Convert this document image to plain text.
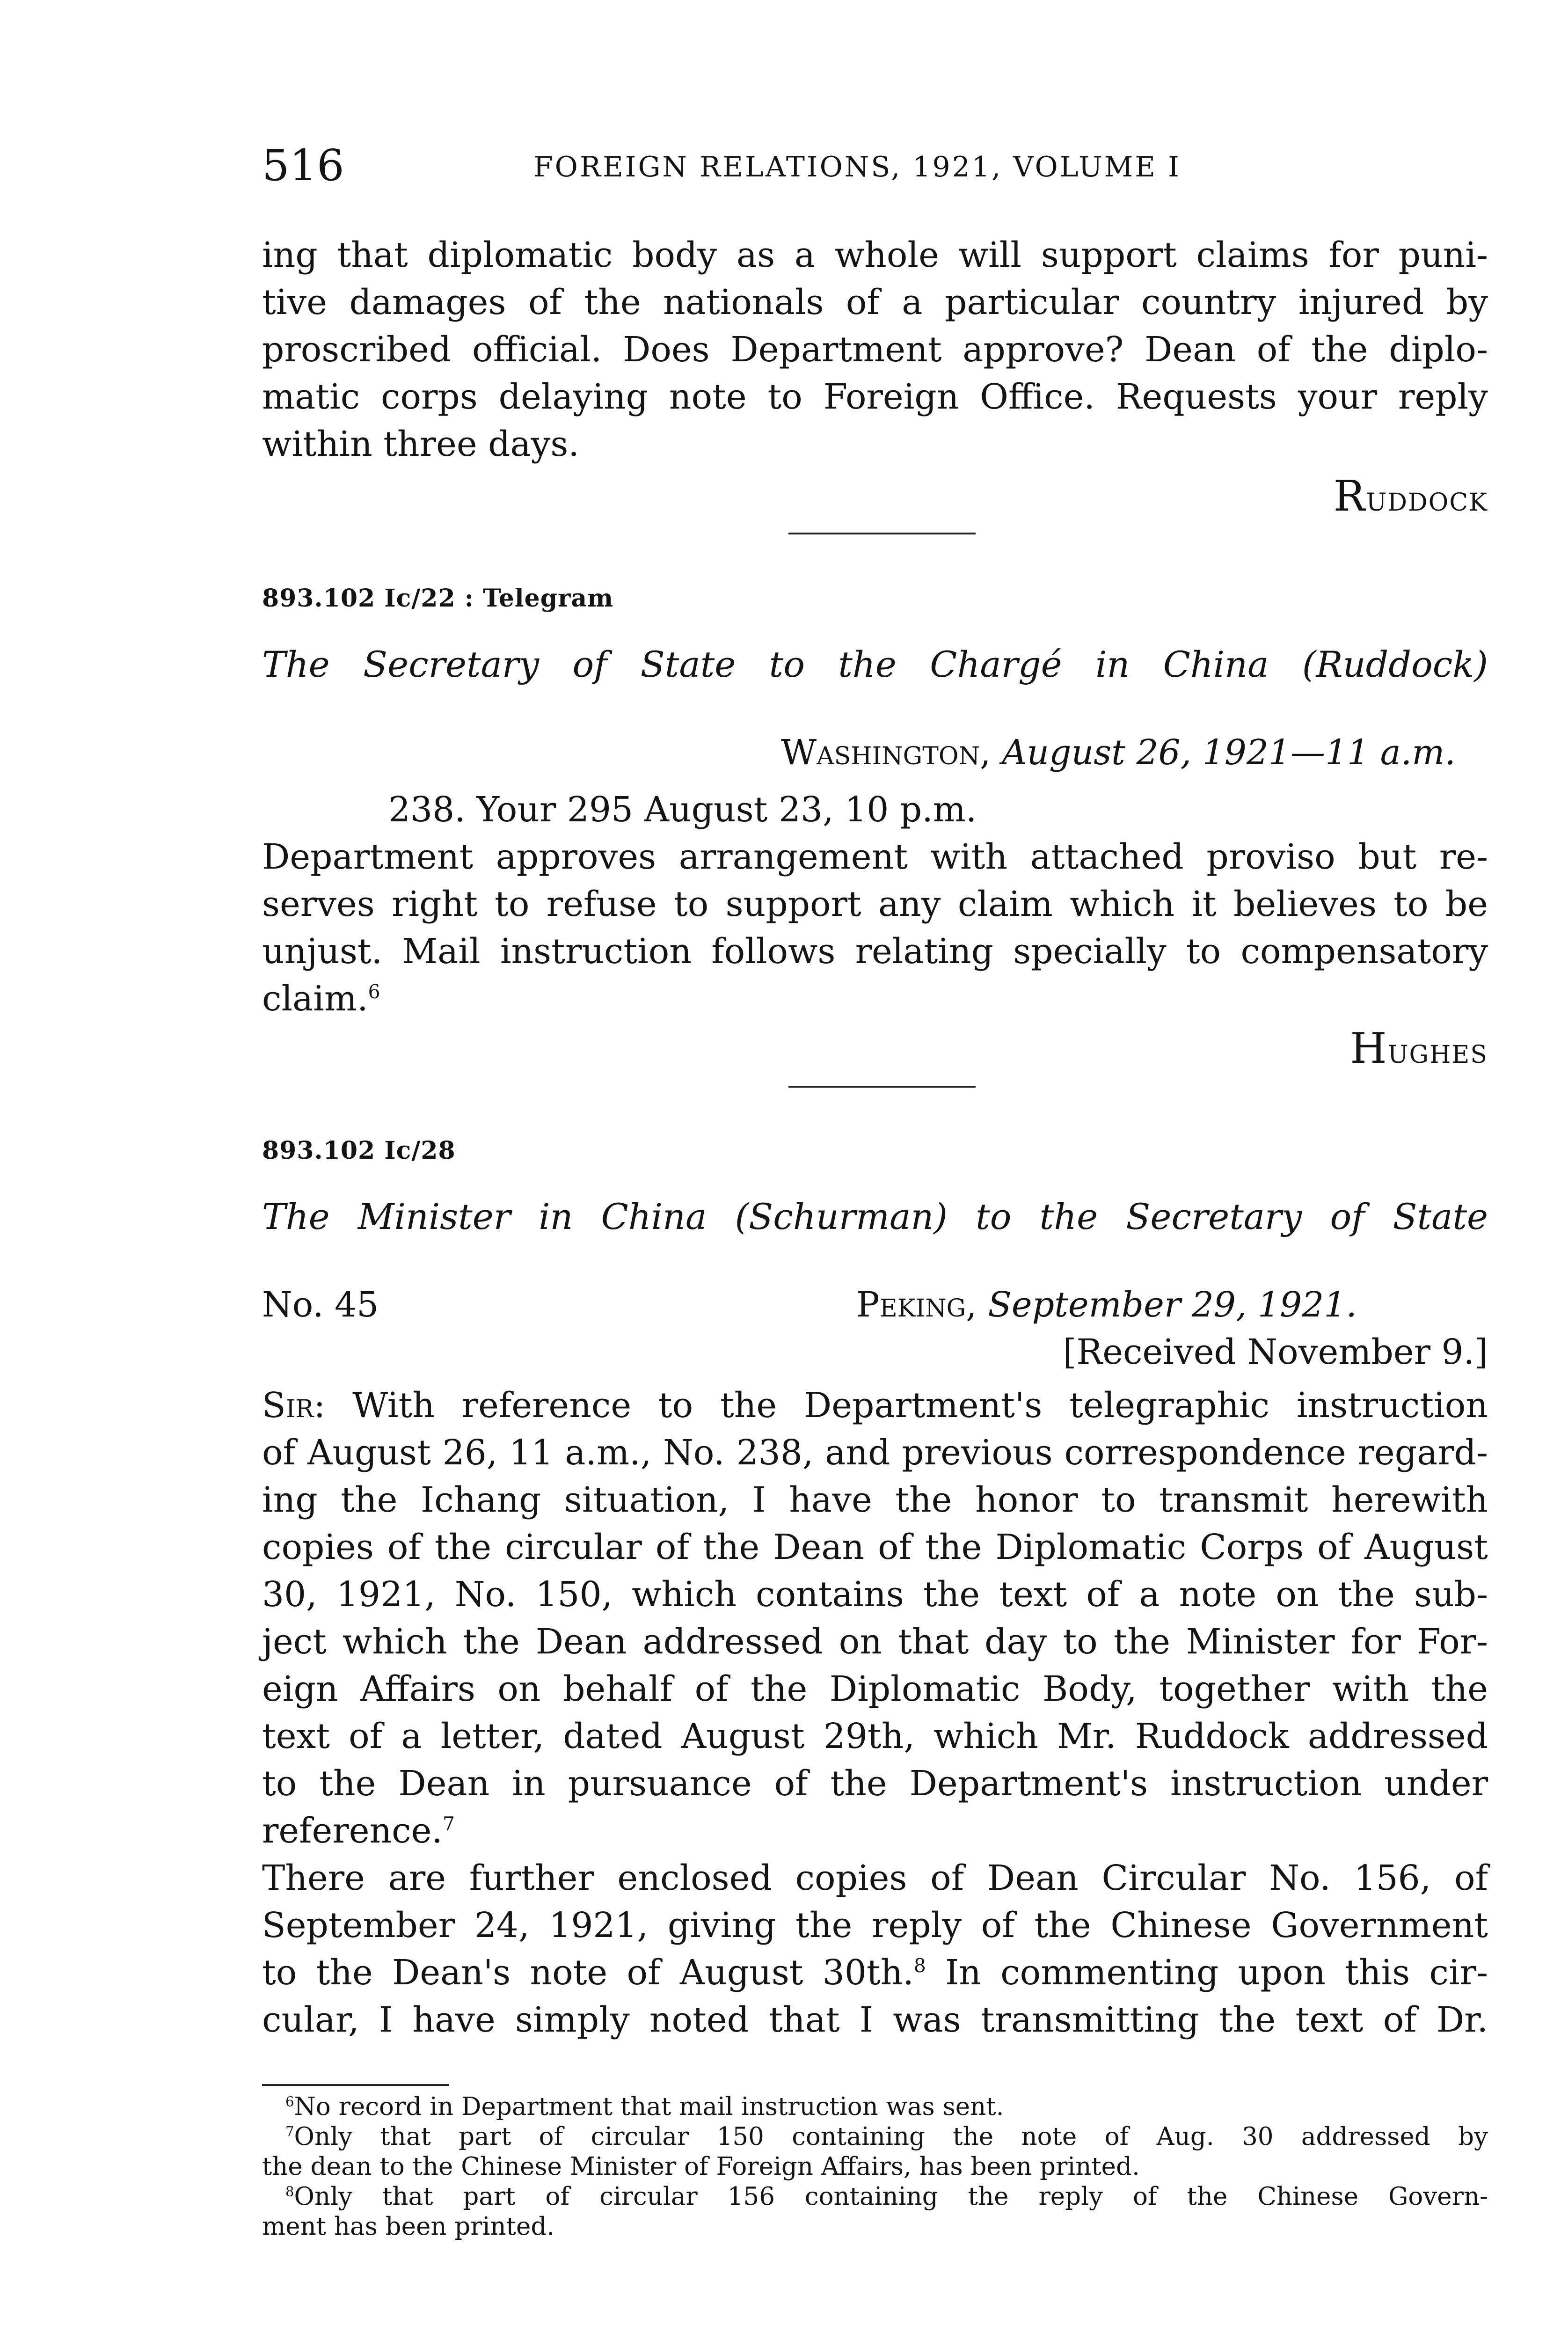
516	FOREIGN RELATIONS, 1921, VOLUME I
ing that diplomatic body as a whole will support claims for puni-
tive damages of the nationals of a particular country injured by
proscribed official. Does Department approve? Dean of the diplo-
matic corps delaying note to Foreign Office. Requests your reply
within three days.
Ruddock
893.102 Ic/22 : Telegram
The Secretary of State to the Chargé in China (Ruddock)
Washington, August 26, 1921—11 a.m.
238. Your 295 August 23, 10 p.m.
Department approves arrangement with attached proviso but re-
serves right to refuse to support any claim which it believes to be
unjust. Mail instruction follows relating specially to compensatory
claim.$^6$
Hughes
893.102 Ic/28
The Minister in China (Schurman) to the Secretary of State
No. 45	Peking, September 29, 1921.
[Received November 9.]
Sir: With reference to the Department's telegraphic instruction
of August 26, 11 a.m., No. 238, and previous correspondence regard-
ing the Ichang situation, I have the honor to transmit herewith
copies of the circular of the Dean of the Diplomatic Corps of August
30, 1921, No. 150, which contains the text of a note on the sub-
ject which the Dean addressed on that day to the Minister for For-
eign Affairs on behalf of the Diplomatic Body, together with the
text of a letter, dated August 29th, which Mr. Ruddock addressed
to the Dean in pursuance of the Department's instruction under
reference.$^7$
There are further enclosed copies of Dean Circular No. 156, of
September 24, 1921, giving the reply of the Chinese Government
to the Dean's note of August 30th.$^8$ In commenting upon this cir-
cular, I have simply noted that I was transmitting the text of Dr.
$^6$No record in Department that mail instruction was sent.
$^7$Only that part of circular 150 containing the note of Aug. 30 addressed by
the dean to the Chinese Minister of Foreign Affairs, has been printed.
$^8$Only that part of circular 156 containing the reply of the Chinese Govern-
ment has been printed.
